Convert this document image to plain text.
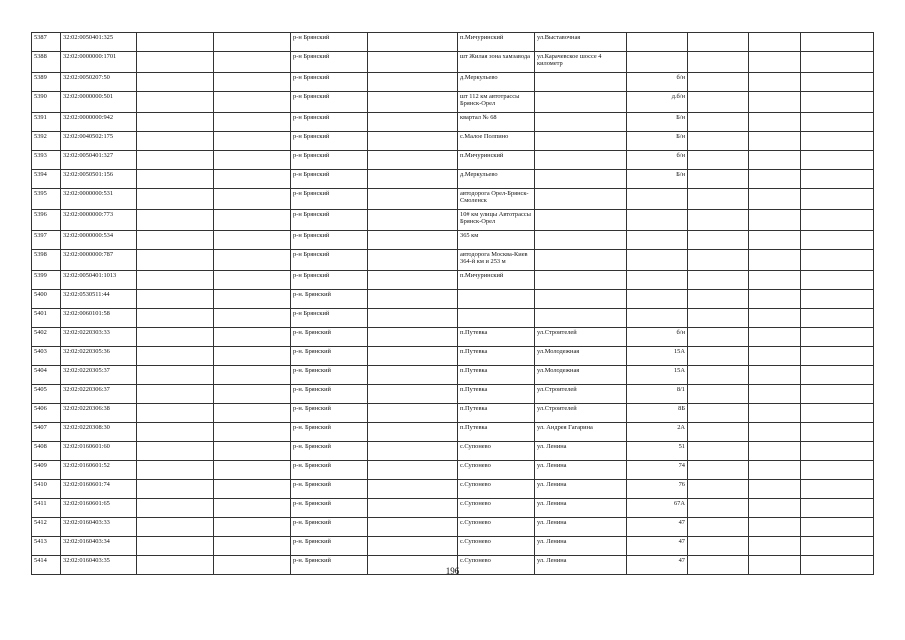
5387	32:02:0050401:325			р-н Брянский		п.Мичуринский	ул.Выставочная				
5388	32:02:0000000:1701			р-н Брянский		шт Жилая зона хамзавода	ул.Карачевское шоссе 4 километр				
5389	32:02:0050207:50			р-н Брянский		д.Меркульево		б/н			
5390	32:02:0000000:501			р-н Брянский		шт 112 км автотрассы Брянск-Орел		д.б/н			
5391	32:02:0000000:942			р-н Брянский		квартал № 68		Б/н			
5392	32:02:0040502:175			р-н Брянский		с.Малое Полпино		Б/н			
5393	32:02:0050401:327			р-н Брянский		п.Мичуринский		б/н			
5394	32:02:0050501:156			р-н Брянский		д.Меркульево		Б/н			
5395	32:02:0000000:531			р-н Брянский		автодорога Орел-Брянск-Смоленск					
5396	32:02:0000000:773			р-н Брянский		10# км улицы Автотрассы Брянск-Орел					
5397	32:02:0000000:534			р-н Брянский		365 км					
5398	32:02:0000000:787			р-н Брянский		автодорога Москва-Киев 364-й км и 253 м					
5399	32:02:0050401:1013			р-н Брянский		п.Мичуринский					
5400	32:02:0530511:44			р-н. Брянский							
5401	32:02:0060101:58			р-н Брянский							
5402	32:02:0220303:33			р-н. Брянский		п.Путевка	ул.Строителей	б/н			
5403	32:02:0220305:36			р-н. Брянский		п.Путевка	ул.Молодежная	15А			
5404	32:02:0220305:37			р-н. Брянский		п.Путевка	ул.Молодежная	15А			
5405	32:02:0220306:37			р-н. Брянский		п.Путевка	ул.Строителей	8/1			
5406	32:02:0220306:38			р-н. Брянский		п.Путевка	ул.Строителей	8Б			
5407	32:02:0220308:30			р-н. Брянский		п.Путевка	ул. Андрея Гагарина	2А			
5408	32:02:0160601:60			р-н. Брянский		с.Супонево	ул. Ленина	51			
5409	32:02:0160601:52			р-н. Брянский		с.Супонево	ул. Ленина	74			
5410	32:02:0160601:74			р-н. Брянский		с.Супонево	ул. Ленина	76			
5411	32:02:0160601:65			р-н. Брянский		с.Супонево	ул. Ленина	67А			
5412	32:02:0160403:33			р-н. Брянский		с.Супонево	ул. Ленина	47			
5413	32:02:0160403:34			р-н. Брянский		с.Супонево	ул. Ленина	47			
5414	32:02:0160403:35			р-н. Брянский		с.Супонево	ул. Ленина	47			
196
